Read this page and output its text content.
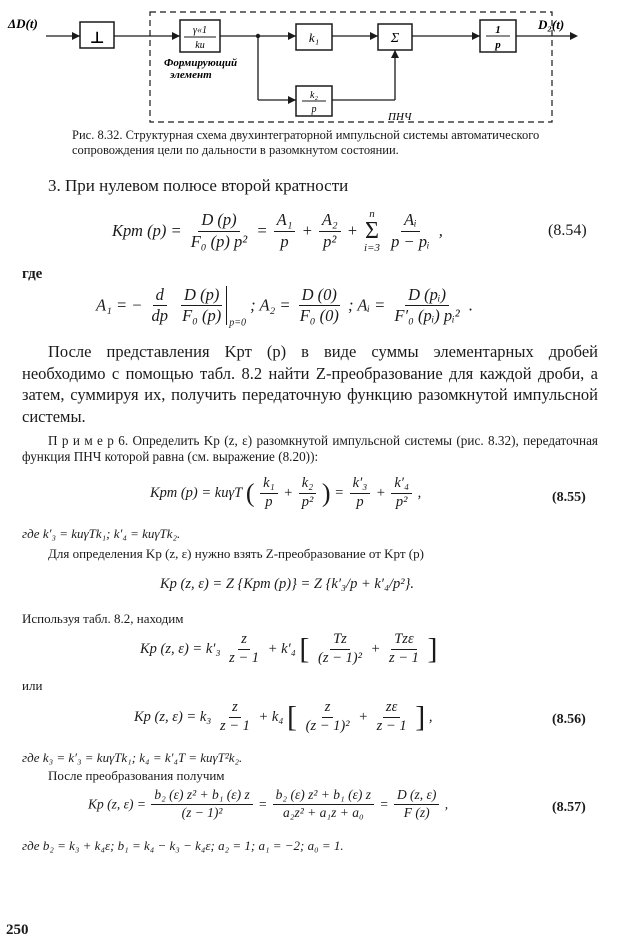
ΔD(t)	D₂(t)
⊥	γ«1
kи
k₁	Σ
1
p
k₂
p
Формирующий
элемент
ПНЧ
Рис. 8.32. Структурная схема двухинтеграторной импульсной системы автоматического сопровождения цели по дальности в разомкнутом состоянии.
3. При нулевом полюсе второй кратности
Kрт $(p) = \frac{D (p)}{\text{F₀ (p) p²}} = \frac{\text{A₁}}{p} + \frac{\text{A₂}}{\text{p²}}$ +
n
Σ
i=3
$\frac{\text{Aᵢ}}{\text{p − pᵢ}}$ ,	(8.54)
где
A₁ = − $\frac{d}{dp}$
$\frac{D (p)}{\text{F₀ (p)}} _{p=0}$ ; $A_2 = \frac{D (0)}{\text{F₀ (0)}}$ ; Aᵢ = $\frac{\text{D (pᵢ)}}{\text{F′₀ (pᵢ) pᵢ²}}$ .
После представления Kрт (p) в виде суммы элементарных дробей необходимо с помощью табл. 8.2 найти Z-преобразование для каждой дроби, а затем, суммируя их, получить передаточную функцию разомкнутой импульсной системы.
П р и м е р 6. Определить Kр (z, ε) разомкнутой импульсной системы (рис. 8.32), передаточная функция ПНЧ которой равна (см. выражение (8.20)):
Kрт (p) = kиγT ( $\frac{\text{k₁}}{p} + \frac{\text{k₂}}{\text{p²}}$ ) = $\frac{\text{k′₃}}{p} + \frac{\text{k′₄}}{\text{p²}}$ ,	(8.55)
где k′₃ = kиγTk₁; k′₄ = kиγTk₂.
Для определения Kр (z, ε) нужно взять Z-преобразование от Kрт (p)
Kр (z, ε) = Z {Kрт (p)} = Z {k′₃/p + k′₄/p²}.
Используя табл. 8.2, находим
Kр (z, $\varepsilon) = k'_3 \frac{z}{z - 1} + k'_4$ [ $\frac{Tz}{\text{(z − 1)²}} + \frac{\text{Tzε}}{z - 1}$ ]
или
Kр (z, $\varepsilon) = k_3 \frac{z}{z - 1} + k_4$ [ $\frac{z}{\text{(z − 1)²}} + \frac{z\varepsilon}{z - 1}$ ] ,	(8.56)
где k₃ = k′₃ = kиγTk₁; k₄ = k′₄T = kиγT²k₂.
После преобразования получим
Kр (z, $\varepsilon) = \frac{\text{b₂ (ε) z² + b₁ (ε) z}}{\text{(z − 1)²}} = \frac{\text{b₂ (ε) z² + b₁ (ε) z}}{\text{a₂z² + a₁z + a₀}} = \frac{D (z, \varepsilon)}{F (z)}$ ,	(8.57)
где b₂ = k₃ + k₄ε; b₁ = k₄ − k₃ − k₄ε; a₂ = 1; a₁ = −2; a₀ = 1.
250
